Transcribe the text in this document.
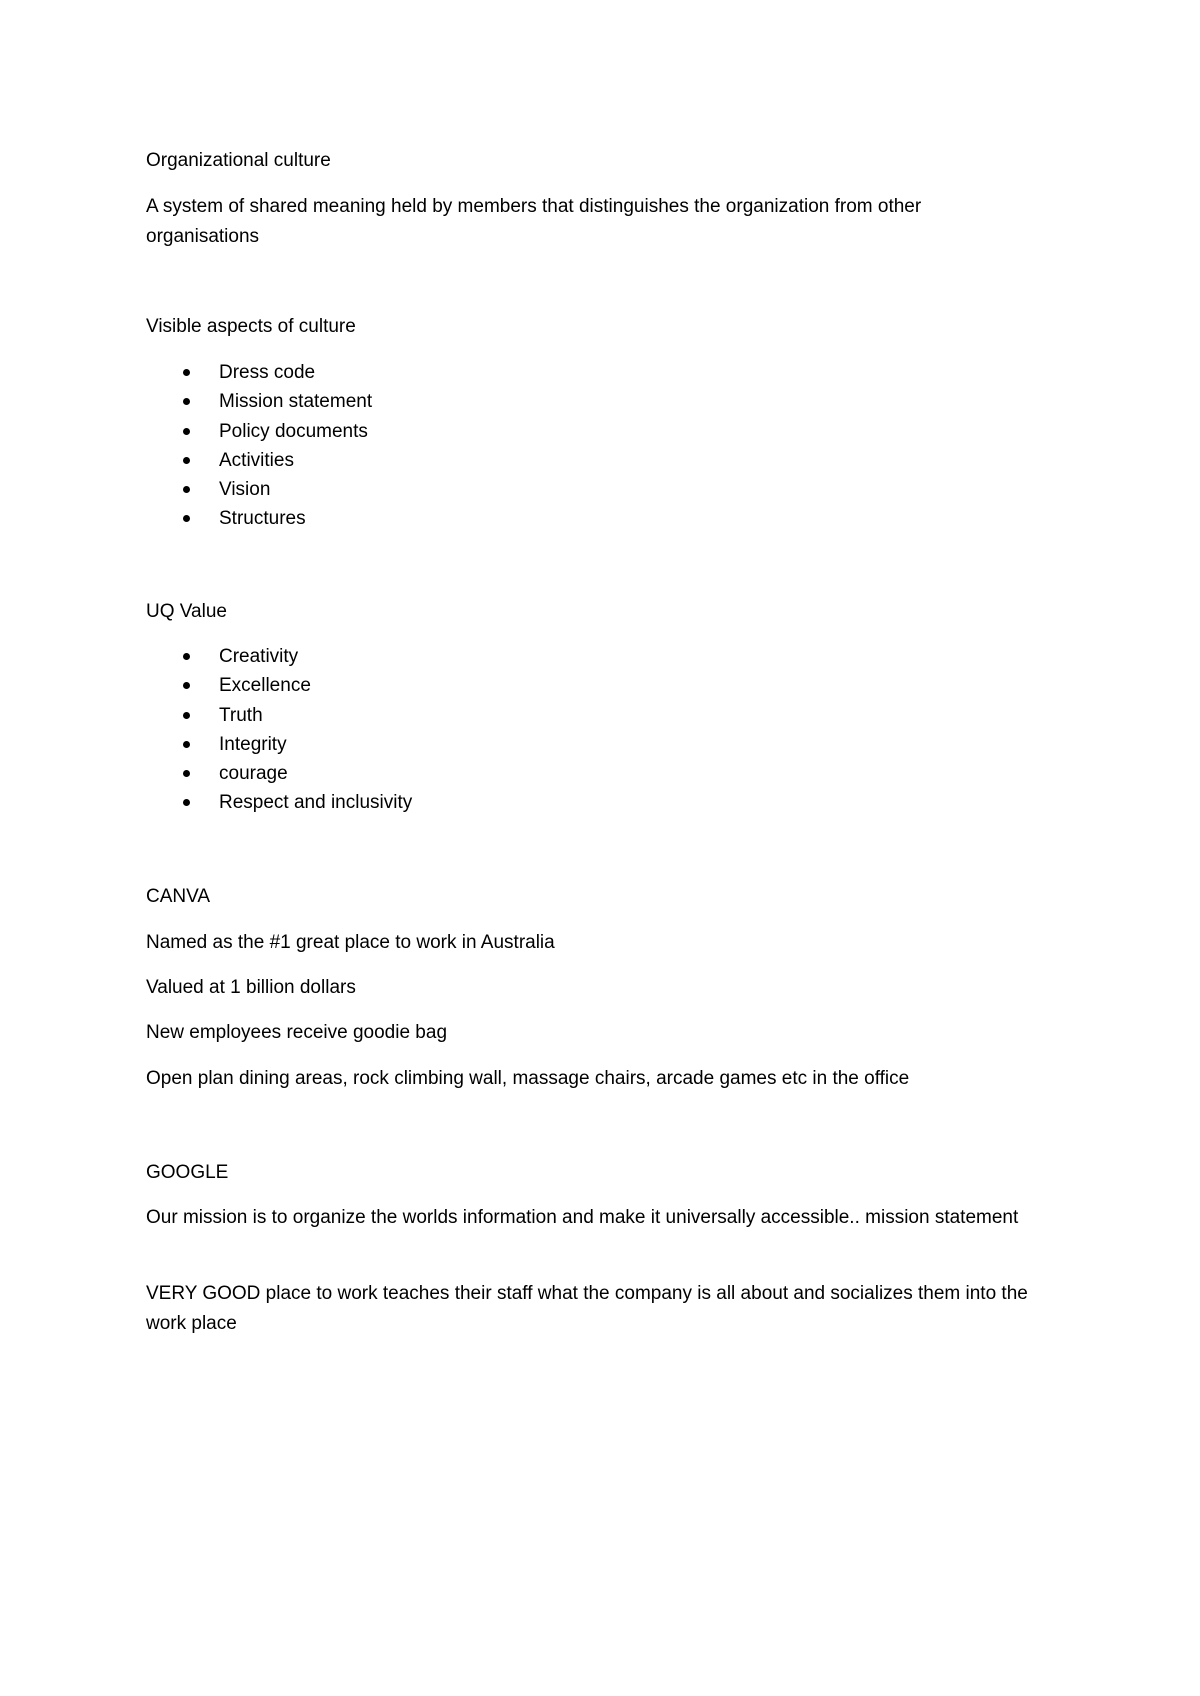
Organizational culture

A system of shared meaning held by members that distinguishes the organization from other organisations

Visible aspects of culture

Dress code
Mission statement
Policy documents
Activities
Vision
Structures

UQ Value

Creativity
Excellence
Truth
Integrity
courage
Respect and inclusivity

CANVA

Named as the #1 great place to work in Australia

Valued at 1 billion dollars

New employees receive goodie bag

Open plan dining areas, rock climbing wall, massage chairs, arcade games etc in the office

GOOGLE

Our mission is to organize the worlds information and make it universally accessible.. mission statement

VERY GOOD place to work teaches their staff what the company is all about and socializes them into the work place
